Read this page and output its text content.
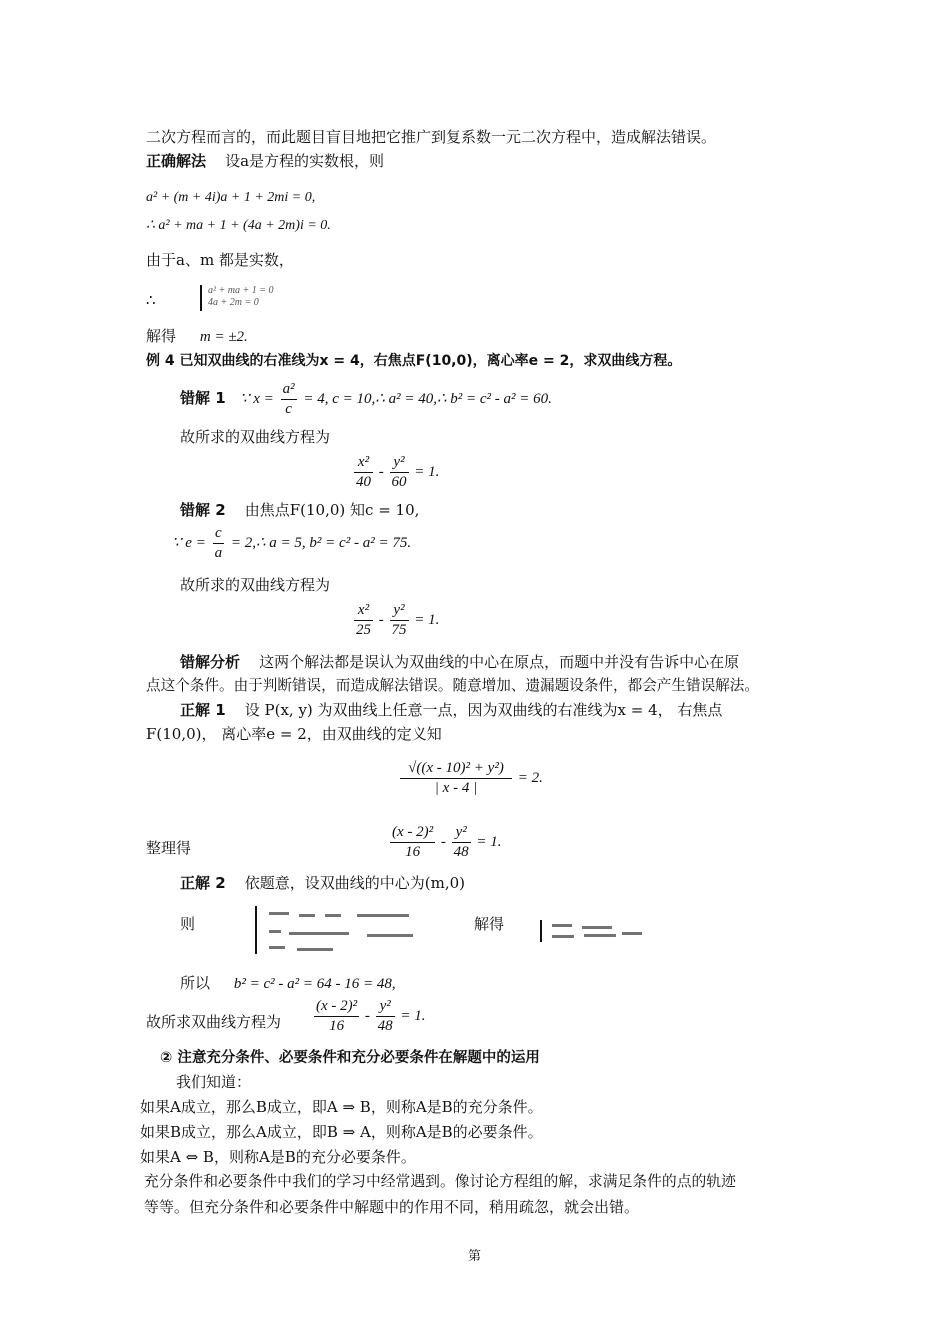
二次方程而言的，而此题目盲目地把它推广到复系数一元二次方程中，造成解法错误。
正确解法 设a是方程的实数根，则
a² + (m + 4i)a + 1 + 2mi = 0,
∴ a² + ma + 1 + (4a + 2m)i = 0.
由于a、m 都是实数，
∴
a² + ma + 1 = 0
4a + 2m = 0
解得 m = ±2.
例 4 已知双曲线的右准线为x = 4，右焦点F(10,0)，离心率e = 2，求双曲线方程。
错解 1 ∵ $x = \frac{\text{a²}}{c} = 4$, c = 10,∴ a² = 40,∴ b² = c² - a² = 60.
故所求的双曲线方程为
$\frac{\text{x²}}{40} - \frac{\text{y²}}{60} = 1$.
错解 2 由焦点F(10,0) 知c = 10,
∵ $e = \frac{c}{a}$ = 2,∴ a = 5, b² = c² - a² = 75.
故所求的双曲线方程为
$\frac{\text{x²}}{25} - \frac{\text{y²}}{75} = 1$.
错解分析 这两个解法都是误认为双曲线的中心在原点，而题中并没有告诉中心在原
点这个条件。由于判断错误，而造成解法错误。随意增加、遗漏题设条件，都会产生错误解法。
正解 1 设 P(x, y) 为双曲线上任意一点，因为双曲线的右准线为x = 4， 右焦点
F(10,0)， 离心率e = 2，由双曲线的定义知
$\frac{\text{√((x - 10)² + y²)}}{| x - 4 |} = 2$.
整理得	$\frac{\text{(x - 2)²}}{16} - \frac{\text{y²}}{48} = 1$.
正解 2 依题意，设双曲线的中心为(m,0)
则	解得
所以 b² = c² - a² = 64 - 16 = 48,
故所求双曲线方程为 $\frac{\text{(x - 2)²}}{16} - \frac{\text{y²}}{48} = 1$.
② 注意充分条件、必要条件和充分必要条件在解题中的运用
我们知道：
如果A成立，那么B成立，即A ⇒ B，则称A是B的充分条件。
如果B成立，那么A成立，即B ⇒ A，则称A是B的必要条件。
如果A ⇔ B，则称A是B的充分必要条件。
充分条件和必要条件中我们的学习中经常遇到。像讨论方程组的解，求满足条件的点的轨迹
等等。但充分条件和必要条件中解题中的作用不同，稍用疏忽，就会出错。
第
